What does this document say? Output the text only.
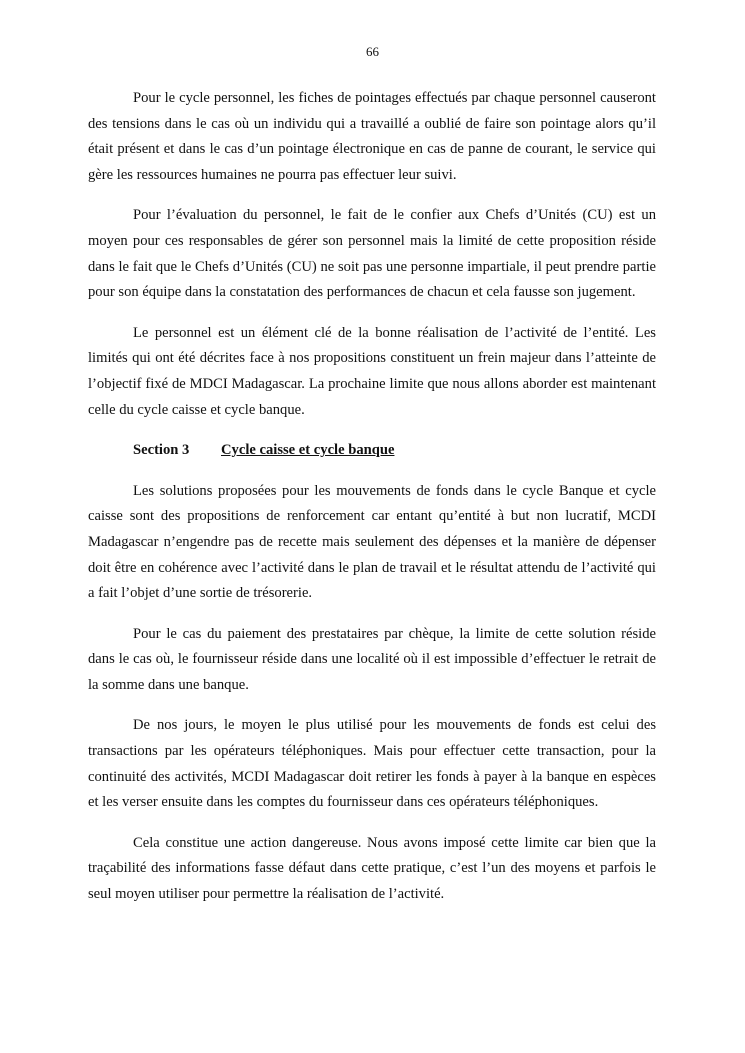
66

Pour le cycle personnel, les fiches de pointages effectués par chaque personnel causeront des tensions dans le cas où un individu qui a travaillé a oublié de faire son pointage alors qu’il était présent et dans le cas d’un pointage électronique en cas de panne de courant, le service qui gère les ressources humaines ne pourra pas effectuer leur suivi.

Pour l’évaluation du personnel, le fait de le confier aux Chefs d’Unités (CU) est un moyen pour ces responsables de gérer son personnel mais la limité de cette proposition réside dans le fait que le Chefs d’Unités (CU) ne soit pas une personne impartiale, il peut prendre partie pour son équipe dans la constatation des performances de chacun et cela fausse son jugement.

Le personnel est un élément clé de la bonne réalisation de l’activité de l’entité. Les limités qui ont été décrites face à nos propositions constituent un frein majeur dans l’atteinte de l’objectif fixé de MDCI Madagascar. La prochaine limite que nous allons aborder est maintenant celle du cycle caisse et cycle banque.

Section 3 Cycle caisse et cycle banque

Les solutions proposées pour les mouvements de fonds dans le cycle Banque et cycle caisse sont des propositions de renforcement car entant qu’entité à but non lucratif, MCDI Madagascar n’engendre pas de recette mais seulement des dépenses et la manière de dépenser doit être en cohérence avec l’activité dans le plan de travail et le résultat attendu de l’activité qui a fait l’objet d’une sortie de trésorerie.

Pour le cas du paiement des prestataires par chèque, la limite de cette solution réside dans le cas où, le fournisseur réside dans une localité où il est impossible d’effectuer le retrait de la somme dans une banque.

De nos jours, le moyen le plus utilisé pour les mouvements de fonds est celui des transactions par les opérateurs téléphoniques. Mais pour effectuer cette transaction, pour la continuité des activités, MCDI Madagascar doit retirer les fonds à payer à la banque en espèces et les verser ensuite dans les comptes du fournisseur dans ces opérateurs téléphoniques.

Cela constitue une action dangereuse. Nous avons imposé cette limite car bien que la traçabilité des informations fasse défaut dans cette pratique, c’est l’un des moyens et parfois le seul moyen utiliser pour permettre la réalisation de l’activité.
